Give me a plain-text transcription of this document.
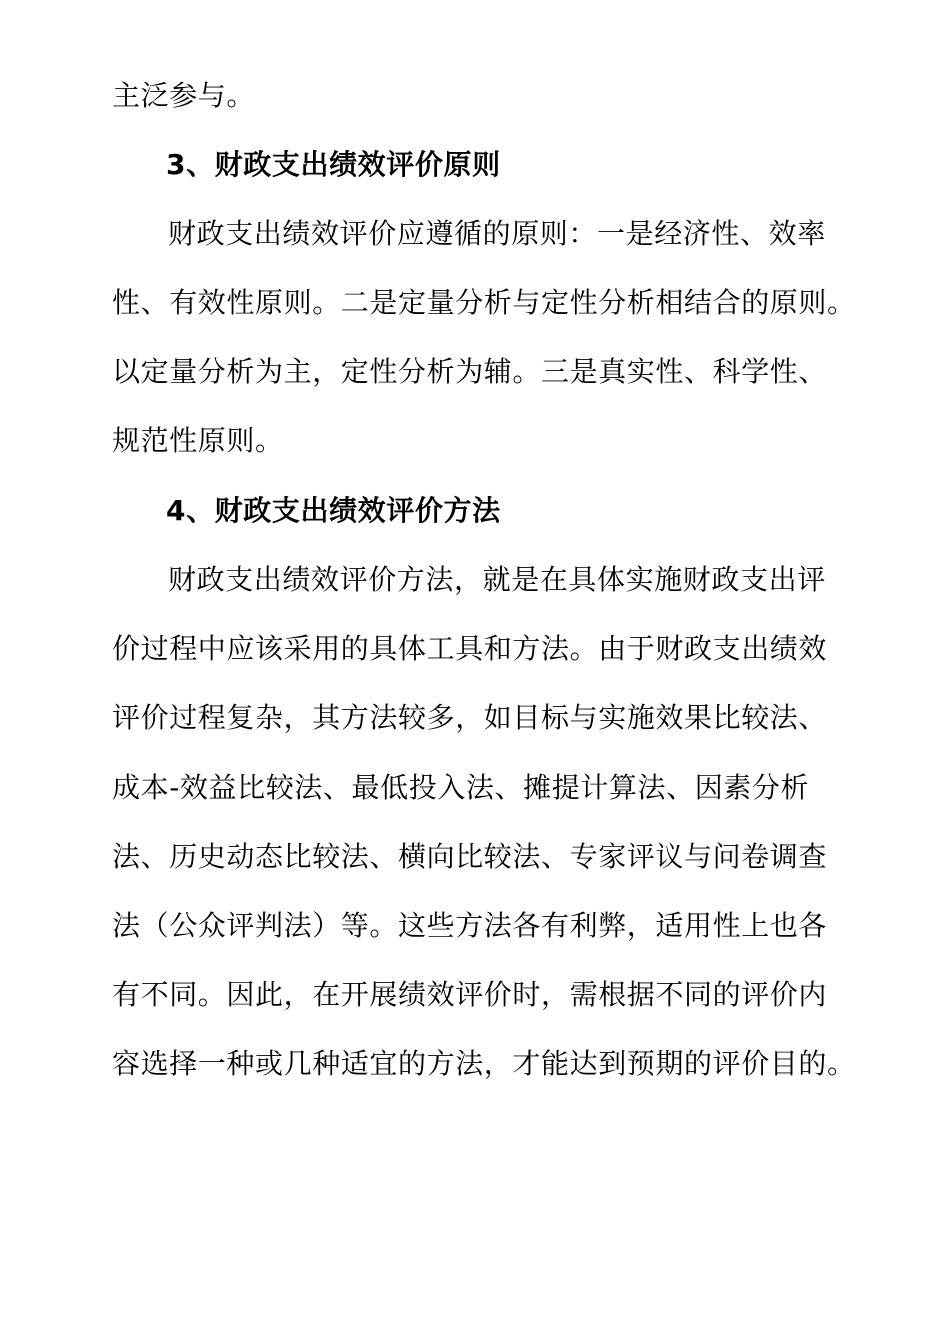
主泛参与。
3、财政支出绩效评价原则
财政支出绩效评价应遵循的原则：一是经济性、效率
性、有效性原则。二是定量分析与定性分析相结合的原则。
以定量分析为主，定性分析为辅。三是真实性、科学性、
规范性原则。
4、财政支出绩效评价方法
财政支出绩效评价方法，就是在具体实施财政支出评
价过程中应该采用的具体工具和方法。由于财政支出绩效
评价过程复杂，其方法较多，如目标与实施效果比较法、
成本-效益比较法、最低投入法、摊提计算法、因素分析
法、历史动态比较法、横向比较法、专家评议与问卷调查
法（公众评判法）等。这些方法各有利弊，适用性上也各
有不同。因此，在开展绩效评价时，需根据不同的评价内
容选择一种或几种适宜的方法，才能达到预期的评价目的。
